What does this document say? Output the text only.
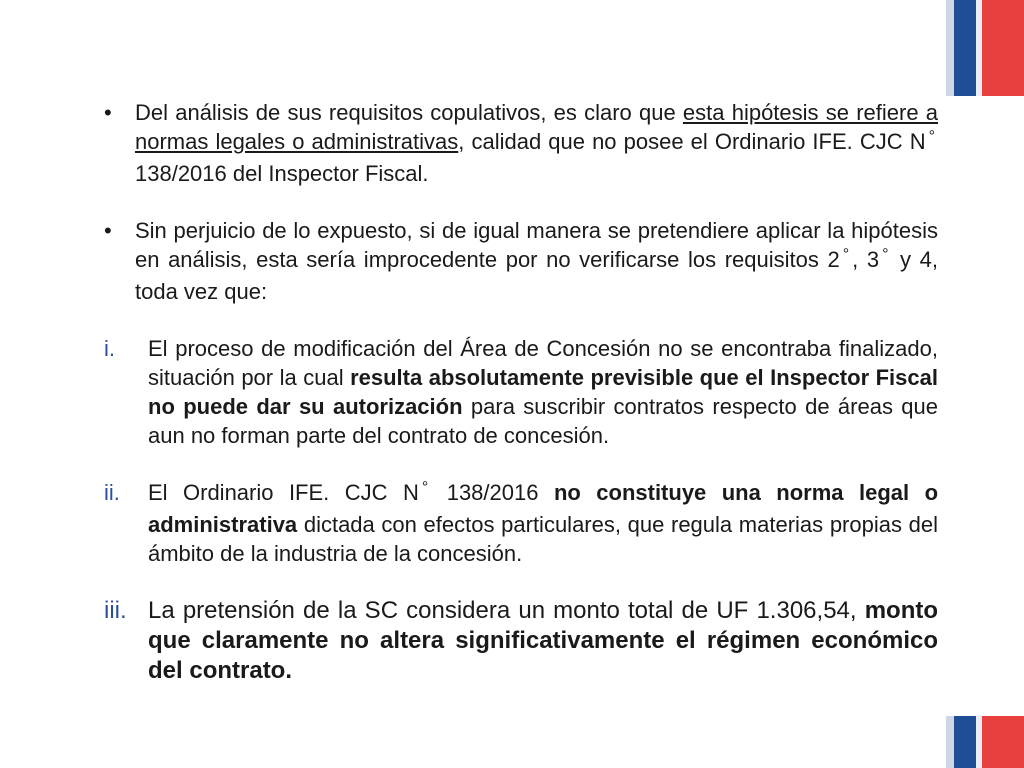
• Del análisis de sus requisitos copulativos, es claro que esta hipótesis se refiere a normas legales o administrativas, calidad que no posee el Ordinario IFE. CJC N ° 138/2016 del Inspector Fiscal.
• Sin perjuicio de lo expuesto, si de igual manera se pretendiere aplicar la hipótesis en análisis, esta sería improcedente por no verificarse los requisitos 2 ° , 3 ° y 4, toda vez que:
i. El proceso de modificación del Área de Concesión no se encontraba finalizado, situación por la cual resulta absolutamente previsible que el Inspector Fiscal no puede dar su autorización para suscribir contratos respecto de áreas que aun no forman parte del contrato de concesión.
ii. El Ordinario IFE. CJC N ° 138/2016 no constituye una norma legal o administrativa dictada con efectos particulares, que regula materias propias del ámbito de la industria de la concesión.
iii. La pretensión de la SC considera un monto total de UF 1.306,54, monto que claramente no altera significativamente el régimen económico del contrato.
